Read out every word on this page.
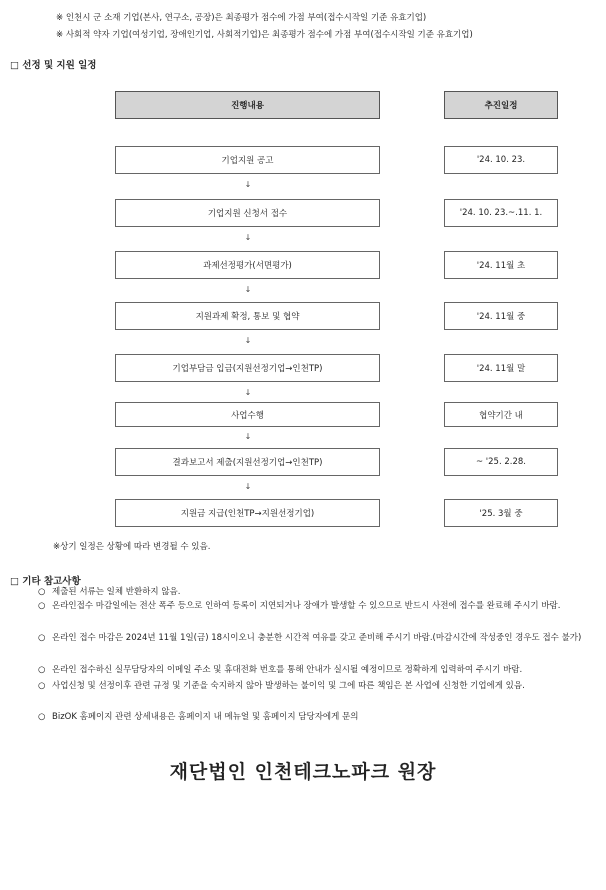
※ 인천시 군 소재 기업(본사, 연구소, 공장)은 최종평가 점수에 가점 부여(접수시작일 기준 유효기업)
※ 사회적 약자 기업(여성기업, 장애인기업, 사회적기업)은 최종평가 점수에 가점 부여(접수시작일 기준 유효기업)
□ 선정 및 지원 일정
진행내용	추진일정
기업지원 공고	'24. 10. 23.
↓
기업지원 신청서 접수	'24. 10. 23.~.11. 1.
↓
과제선정평가(서면평가)	'24. 11월 초
↓
지원과제 확정, 통보 및 협약	'24. 11월 중
↓
기업부담금 입금(지원선정기업→인천TP)	'24. 11월 말
↓
사업수행	협약기간 내
↓
결과보고서 제출(지원선정기업→인천TP)	~ '25. 2.28.
↓
지원금 지급(인천TP→지원선정기업)	'25. 3월 중
※상기 일정은 상황에 따라 변경될 수 있음.
□ 기타 참고사항
○ 제출된 서류는 일체 반환하지 않음.
○ 온라인접수 마감일에는 전산 폭주 등으로 인하여 등록이 지연되거나 장애가 발생할 수 있으므로 반드시 사전에 접수를 완료해 주시기 바람.
○ 온라인 접수 마감은 2024년 11월 1일(금) 18시이오니 충분한 시간적 여유를 갖고 준비해 주시기 바람.(마감시간에 작성중인 경우도 접수 불가)
○ 온라인 접수하신 실무담당자의 이메일 주소 및 휴대전화 번호를 통해 안내가 실시될 예정이므로 정확하게 입력하여 주시기 바람.
○ 사업신청 및 선정이후 관련 규정 및 기준을 숙지하지 않아 발생하는 불이익 및 그에 따른 책임은 본 사업에 신청한 기업에게 있음.
○ BizOK 홈페이지 관련 상세내용은 홈페이지 내 메뉴얼 및 홈페이지 담당자에게 문의
재단법인 인천테크노파크 원장
